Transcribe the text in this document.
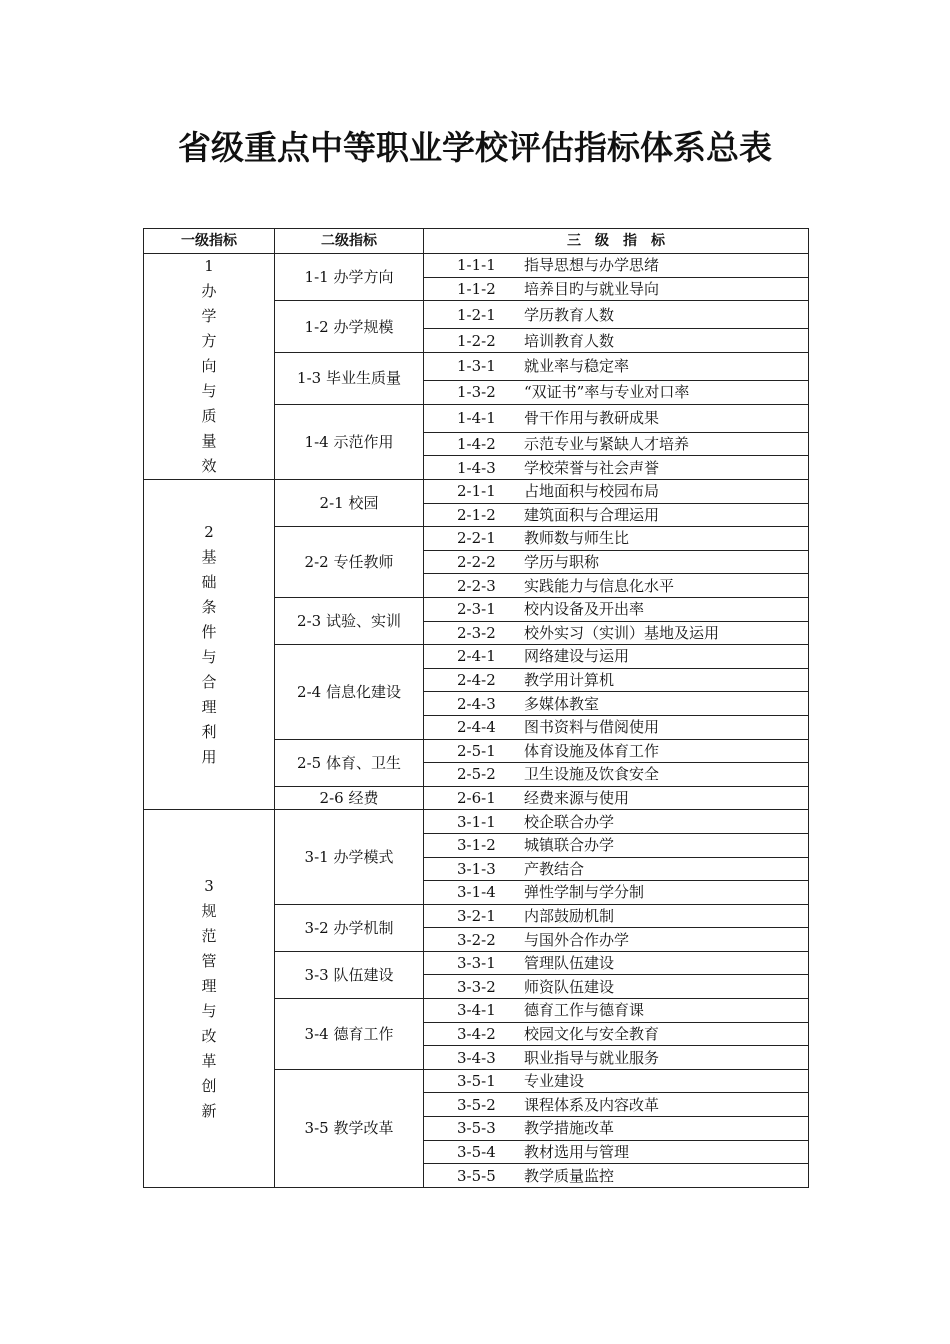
省级重点中等职业学校评估指标体系总表
一级指标	二级指标	三　级　指　标
1办学方向与质量效	1-1 办学方向	1-1-1 指导思想与办学思绪
		1-1-2 培养目旳与就业导向
	1-2 办学规模	1-2-1 学历教育人数
		1-2-2 培训教育人数
	1-3 毕业生质量	1-3-1 就业率与稳定率
		1-3-2 “双证书”率与专业对口率
	1-4 示范作用	1-4-1 骨干作用与教研成果
		1-4-2 示范专业与紧缺人才培养
		1-4-3 学校荣誉与社会声誉
2基础条件与合理利用	2-1 校园	2-1-1 占地面积与校园布局
		2-1-2 建筑面积与合理运用
	2-2 专任教师	2-2-1 教师数与师生比
		2-2-2 学历与职称
		2-2-3 实践能力与信息化水平
	2-3 试验、实训	2-3-1 校内设备及开出率
		2-3-2 校外实习（实训）基地及运用
	2-4 信息化建设	2-4-1 网络建设与运用
		2-4-2 教学用计算机
		2-4-3 多媒体教室
		2-4-4 图书资料与借阅使用
	2-5 体育、卫生	2-5-1 体育设施及体育工作
		2-5-2 卫生设施及饮食安全
	2-6 经费	2-6-1 经费来源与使用
3规范管理与改革创新	3-1 办学模式	3-1-1 校企联合办学
		3-1-2 城镇联合办学
		3-1-3 产教结合
		3-1-4 弹性学制与学分制
	3-2 办学机制	3-2-1 内部鼓励机制
		3-2-2 与国外合作办学
	3-3 队伍建设	3-3-1 管理队伍建设
		3-3-2 师资队伍建设
	3-4 德育工作	3-4-1 德育工作与德育课
		3-4-2 校园文化与安全教育
		3-4-3 职业指导与就业服务
	3-5 教学改革	3-5-1 专业建设
		3-5-2 课程体系及内容改革
		3-5-3 教学措施改革
		3-5-4 教材选用与管理
		3-5-5 教学质量监控
